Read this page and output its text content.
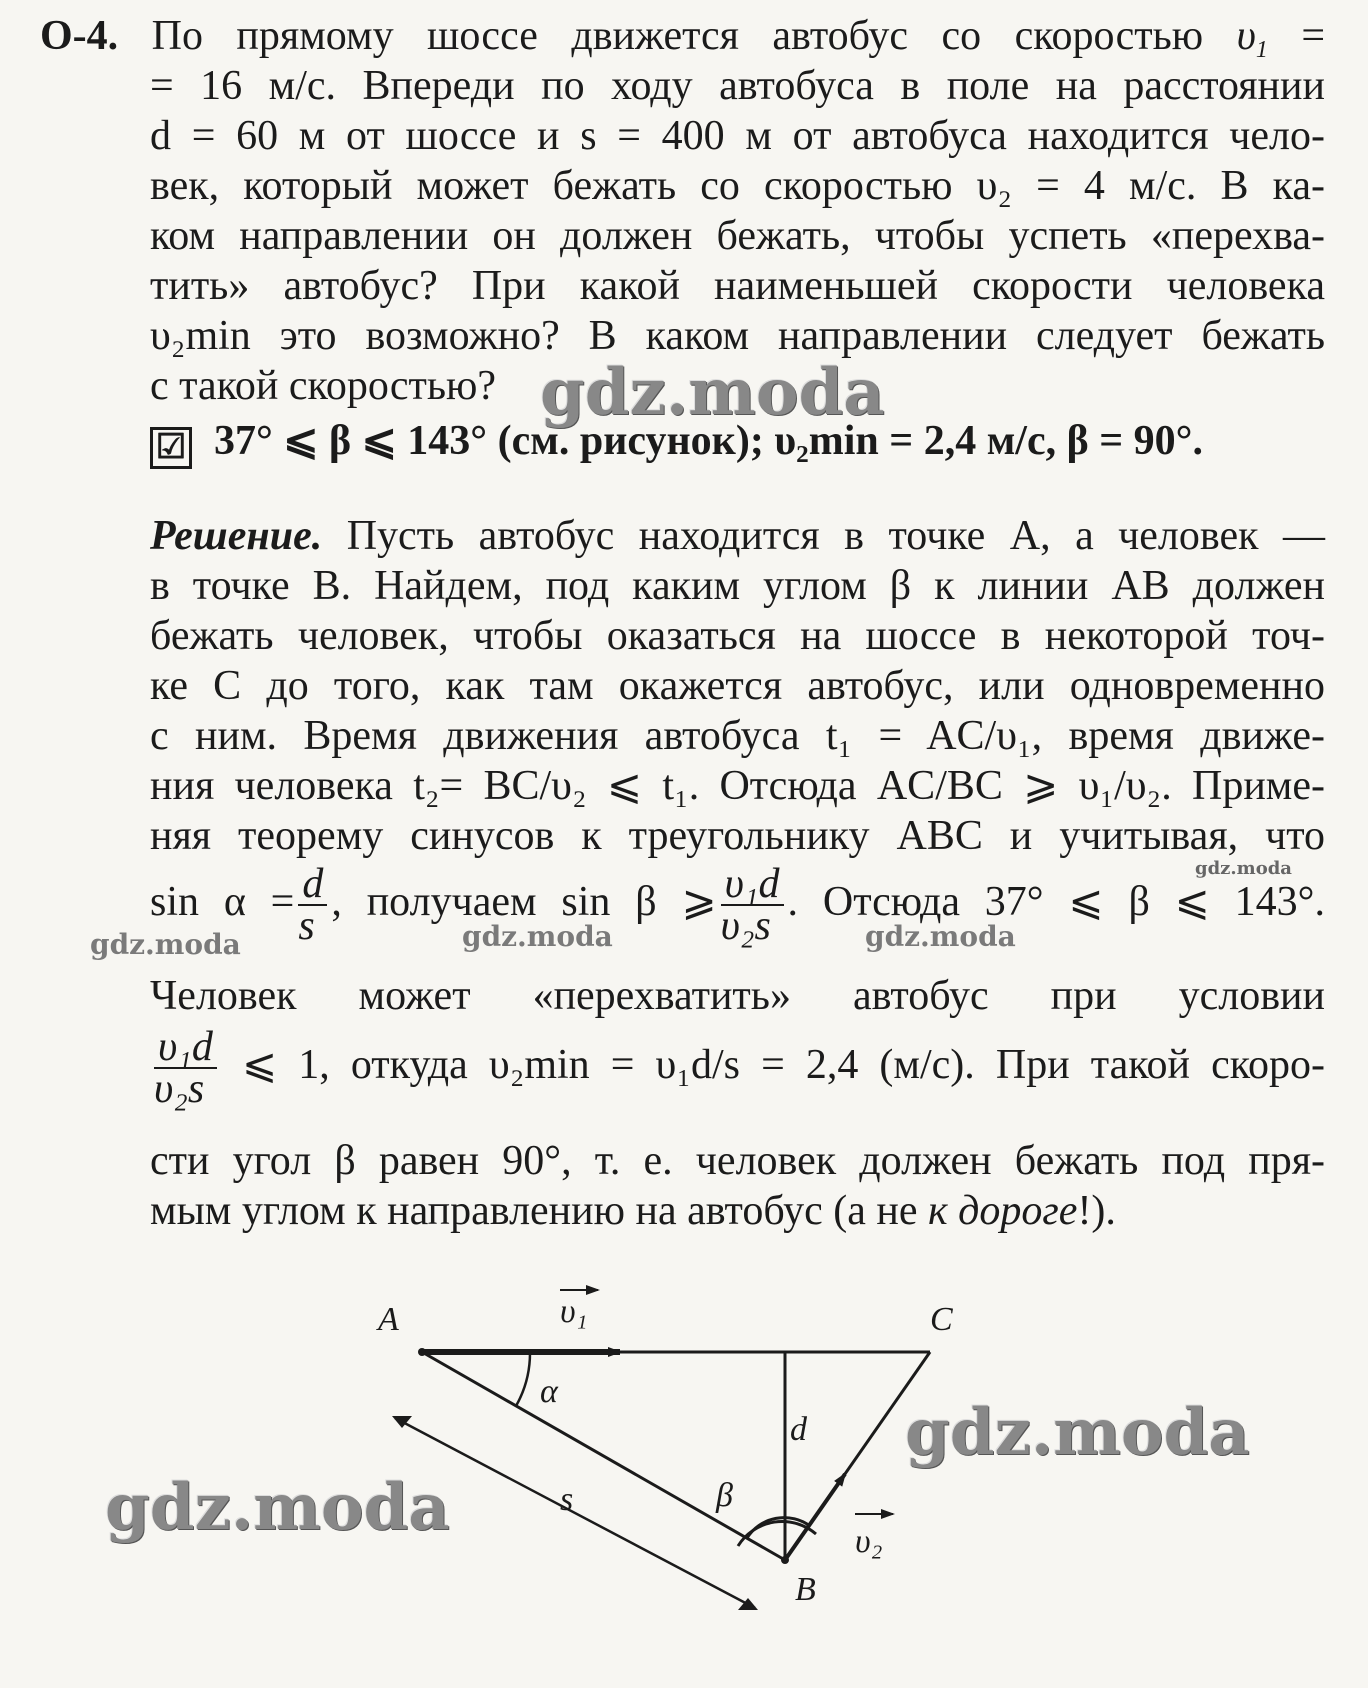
О-4. По прямому шоссе движется автобус со скоростью $\upsilon_1$ =
= 16 м/с. Впереди по ходу автобуса в поле на расстоянии
d = 60 м от шоссе и s = 400 м от автобуса находится чело-
век, который может бежать со скоростью υ₂ = 4 м/с. В ка-
ком направлении он должен бежать, чтобы успеть «перехва-
тить» автобус? При какой наименьшей скорости человека
υ₂min это возможно? В каком направлении следует бежать
с такой скоростью?
☑ 37° ⩽ β ⩽ 143° (см. рисунок); υ₂min = 2,4 м/с, β = 90°.
Решение. Пусть автобус находится в точке A, а человек —
в точке B. Найдем, под каким углом β к линии AB должен
бежать человек, чтобы оказаться на шоссе в некоторой точ-
ке C до того, как там окажется автобус, или одновременно
с ним. Время движения автобуса t₁ = AC/υ₁, время движе-
ния человека t₂= BC/υ₂ ⩽ t₁. Отсюда AC/BC ⩾ υ₁/υ₂. Приме-
няя теорему синусов к треугольнику ABC и учитывая, что
$\sin \alpha = \frac{d}{s}$ , получаем sin β ⩾ $\frac{\text{υ₁d}}{\text{υ₂s}}$ . Отсюда 37° ⩽ β ⩽ 143°.
Человек может «перехватить» автобус при условии
$\frac{\text{υ₁d}}{\text{υ₂s}}$ ⩽ 1, откуда υ₂min = υ₁d/s = 2,4 (м/с). При такой скоро-
сти угол β равен 90°, т. е. человек должен бежать под пря-
мым углом к направлению на автобус (а не к дороге!).
A	C
B
υ₁
υ₂
α
β
d
s
gdz.moda
gdz.moda	gdz.moda	gdz.moda
gdz.moda
gdz.moda
gdz.moda
